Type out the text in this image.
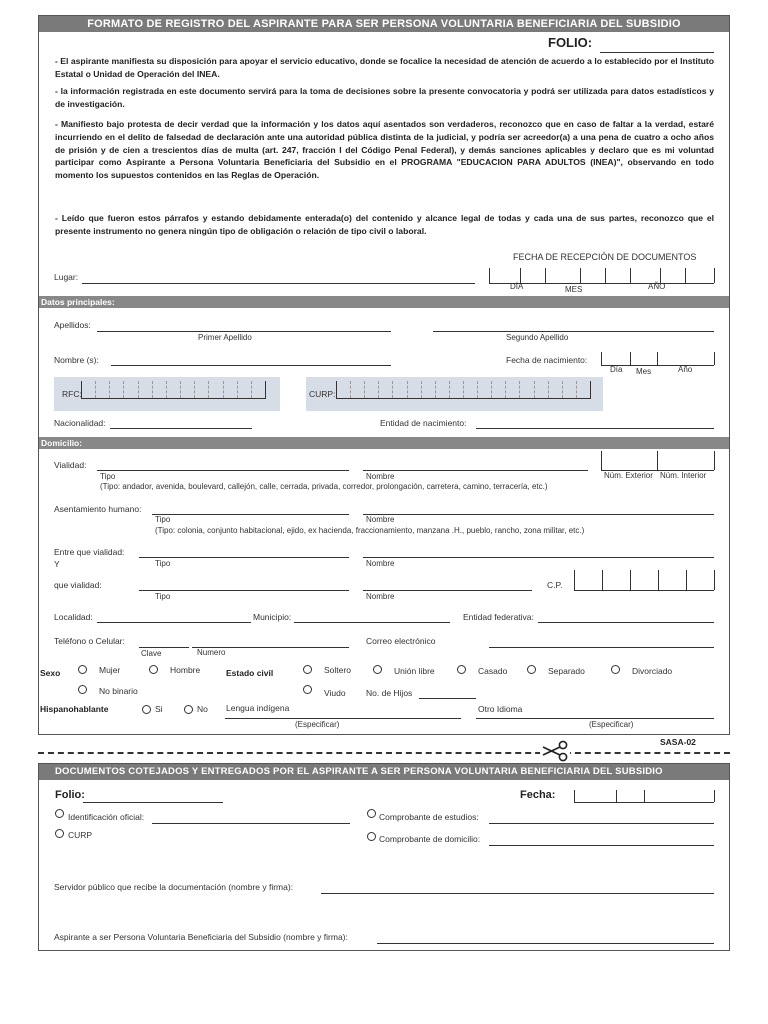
FORMATO DE REGISTRO DEL ASPIRANTE PARA SER PERSONA VOLUNTARIA BENEFICIARIA DEL SUBSIDIO
FOLIO:
- El aspirante manifiesta su disposición para apoyar el servicio educativo, donde se focalice la necesidad de atención de acuerdo a lo establecido por el Instituto Estatal o Unidad de Operación del INEA.
- la información registrada en este documento servirá para la toma de decisiones sobre la presente convocatoria y podrá ser utilizada para datos estadísticos y de investigación.
- Manifiesto bajo protesta de decir verdad que la información y los datos aquí asentados son verdaderos, reconozco que en caso de faltar a la verdad, estaré incurriendo en el delito de falsedad de declaración ante una autoridad pública distinta de la judicial, y podría ser acreedor(a) a una pena de cuatro a ocho años de prisión y de cien a trescientos días de multa (art. 247, fracción I del Código Penal Federal), y demás sanciones aplicables y declaro que es mi voluntad participar como Aspirante a Persona Voluntaria Beneficiaria del Subsidio en el PROGRAMA "EDUCACION PARA ADULTOS (INEA)", observando en todo momento los supuestos contenidos en las Reglas de Operación.
- Leído que fueron estos párrafos y estando debidamente enterada(o) del contenido y alcance legal de todas y cada una de sus partes, reconozco que el presente instrumento no genera ningún tipo de obligación o relación de tipo civil o laboral.
FECHA DE RECEPCIÓN DE DOCUMENTOS
DÍA	MES	AÑO
Lugar:
Datos principales:
Apellidos:
Primer Apellido	Segundo Apellido
Nombre (s):	Fecha de nacimiento:
Día Mes	Año
RFC:	CURP:
Nacionalidad:	Entidad de nacimiento:
Domicilio:
Vialidad:
Tipo	Nombre
(Tipo: andador, avenida, boulevard, callejón, calle, cerrada, privada, corredor, prolongación, carretera, camino, terracería, etc.)
Núm. Exterior Núm. Interior
Asentamiento humano:
Tipo	Nombre
(Tipo: colonia, conjunto habitacional, ejido, ex hacienda, fraccionamiento, manzana .H., pueblo, rancho, zona militar, etc.)
Entre que vialidad:
Y	Tipo	Nombre
que vialidad:
Tipo	Nombre
C.P.
Localidad:	Municipio:	Entidad federativa:
Teléfono o Celular:
Clave	Numero
Correo electrónico
Sexo	Mujer	Hombre	Estado civil	Soltero	Unión libre	Casado	Separado	Divorciado
No binario	Viudo No. de Hijos
Hispanohablante	Si	No Lengua indígena
(Especificar)
Otro Idioma
(Especificar)
SASA-02
DOCUMENTOS COTEJADOS Y ENTREGADOS POR EL ASPIRANTE A SER PERSONA VOLUNTARIA BENEFICIARIA DEL SUBSIDIO
Folio:	Fecha:
Identificación oficial:	Comprobante de estudios:
CURP	Comprobante de domicilio:
Servidor público que recibe la documentación (nombre y firma):
Aspirante a ser Persona Voluntaria Beneficiaria del Subsidio (nombre y firma):
